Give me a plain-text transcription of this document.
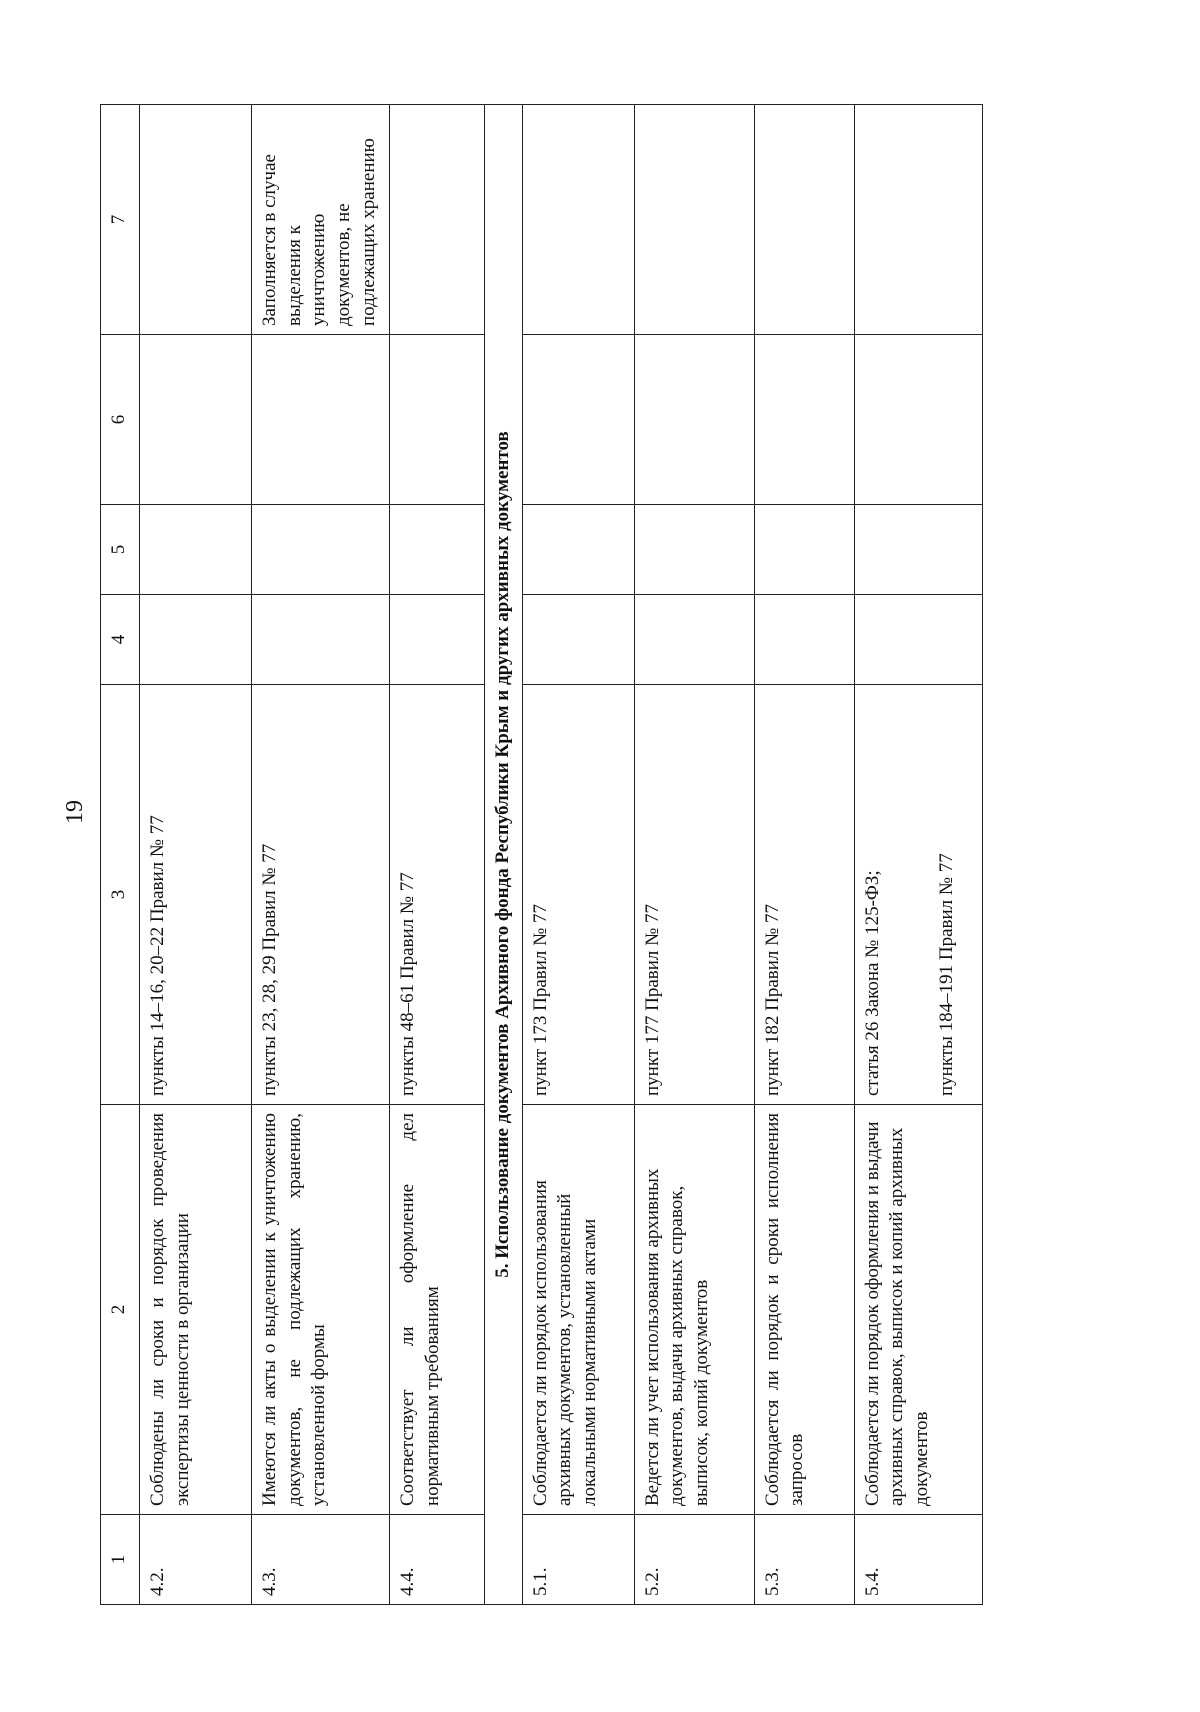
19
1	2	3	4	5	6	7
4.2.	Соблюдены ли сроки и порядок проведения экспертизы ценности в организации	пункты 14–16, 20–22 Правил № 77				
4.3.	Имеются ли акты о выделении к уничтожению документов, не подлежащих хранению, установленной формы	пункты 23, 28, 29 Правил № 77				Заполняется в случае выделения к уничтожению документов, не подлежащих хранению
4.4.	Соответствует ли оформление дел нормативным требованиям	пункты 48–61 Правил № 77				
5. Использование документов Архивного фонда Республики Крым и других архивных документов						
5.1.	Соблюдается ли порядок использования архивных документов, установленный локальными нормативными актами	пункт 173 Правил № 77				
5.2.	Ведется ли учет использования архивных документов, выдачи архивных справок, выписок, копий документов	пункт 177 Правил № 77				
5.3.	Соблюдается ли порядок и сроки исполнения запросов	пункт 182 Правил № 77				
5.4.	Соблюдается ли порядок оформления и выдачи архивных справок, выписок и копий архивных документов	статья 26 Закона № 125-ФЗ; пункты 184–191 Правил № 77				
